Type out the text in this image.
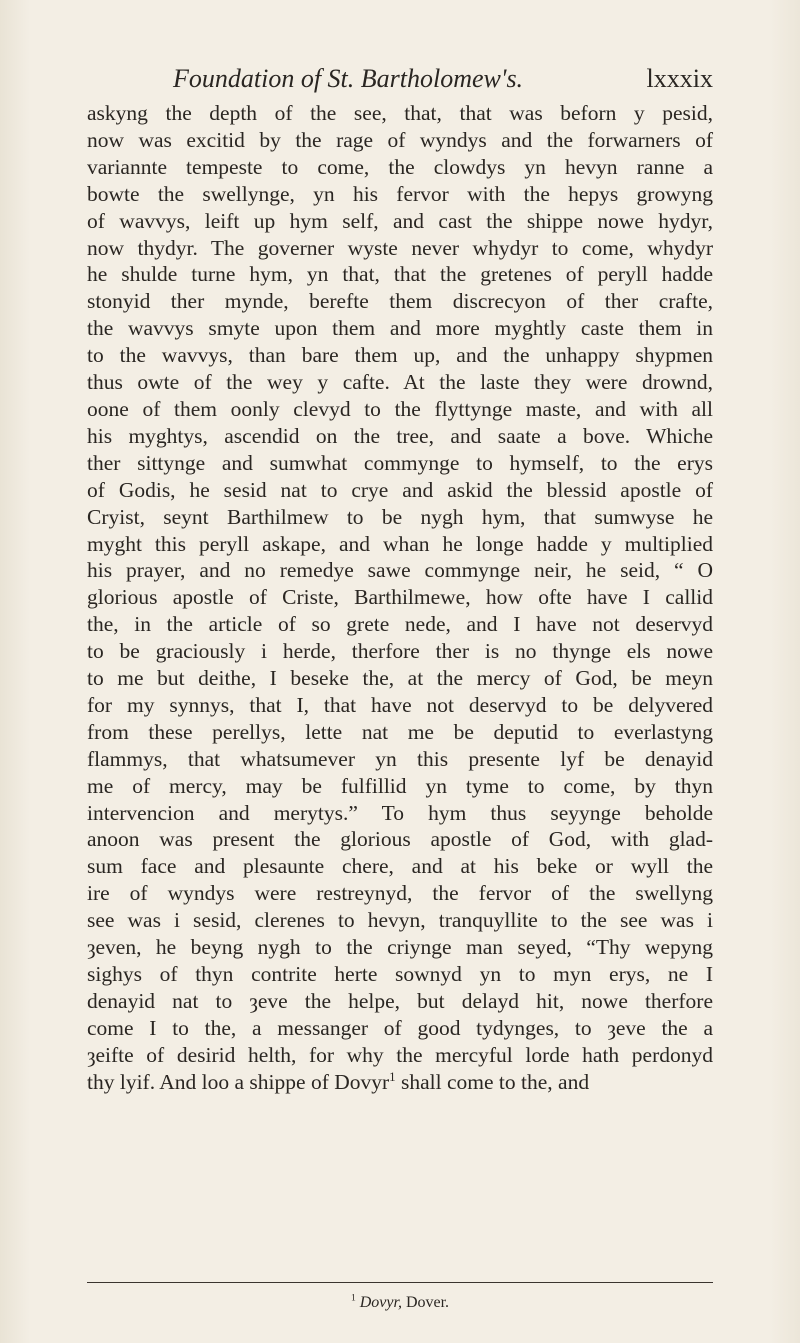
Foundation of St. Bartholomew's.	lxxxix
askyng the depth of the see, that, that was beforn y pesid,
now was excitid by the rage of wyndys and the forwarners of
variannte tempeste to come, the clowdys yn hevyn ranne a
bowte the swellynge, yn his fervor with the hepys growyng
of wavvys, leift up hym self, and cast the shippe nowe hydyr,
now thydyr. The governer wyste never whydyr to come, whydyr
he shulde turne hym, yn that, that the gretenes of peryll hadde
stonyid ther mynde, berefte them discrecyon of ther crafte,
the wavvys smyte upon them and more myghtly caste them in
to the wavvys, than bare them up, and the unhappy shypmen
thus owte of the wey y cafte. At the laste they were drownd,
oone of them oonly clevyd to the flyttynge maste, and with all
his myghtys, ascendid on the tree, and saate a bove. Whiche
ther sittynge and sumwhat commynge to hymself, to the erys
of Godis, he sesid nat to crye and askid the blessid apostle of
Cryist, seynt Barthilmew to be nygh hym, that sumwyse he
myght this peryll askape, and whan he longe hadde y multiplied
his prayer, and no remedye sawe commynge neir, he seid, “ O
glorious apostle of Criste, Barthilmewe, how ofte have I callid
the, in the article of so grete nede, and I have not deservyd
to be graciously i herde, therfore ther is no thynge els nowe
to me but deithe, I beseke the, at the mercy of God, be meyn
for my synnys, that I, that have not deservyd to be delyvered
from these perellys, lette nat me be deputid to everlastyng
flammys, that whatsumever yn this presente lyf be denayid
me of mercy, may be fulfillid yn tyme to come, by thyn
intervencion and merytys.” To hym thus seyynge beholde
anoon was present the glorious apostle of God, with glad-
sum face and plesaunte chere, and at his beke or wyll the
ire of wyndys were restreynyd, the fervor of the swellyng
see was i sesid, clerenes to hevyn, tranquyllite to the see was i
ȝeven, he beyng nygh to the criynge man seyed, “Thy wepyng
sighys of thyn contrite herte sownyd yn to myn erys, ne I
denayid nat to ȝeve the helpe, but delayd hit, nowe therfore
come I to the, a messanger of good tydynges, to ȝeve the a
ȝeifte of desirid helth, for why the mercyful lorde hath perdonyd
thy lyif. And loo a shippe of Dovyr$^1$ shall come to the, and
$^1$ Dovyr, Dover.
